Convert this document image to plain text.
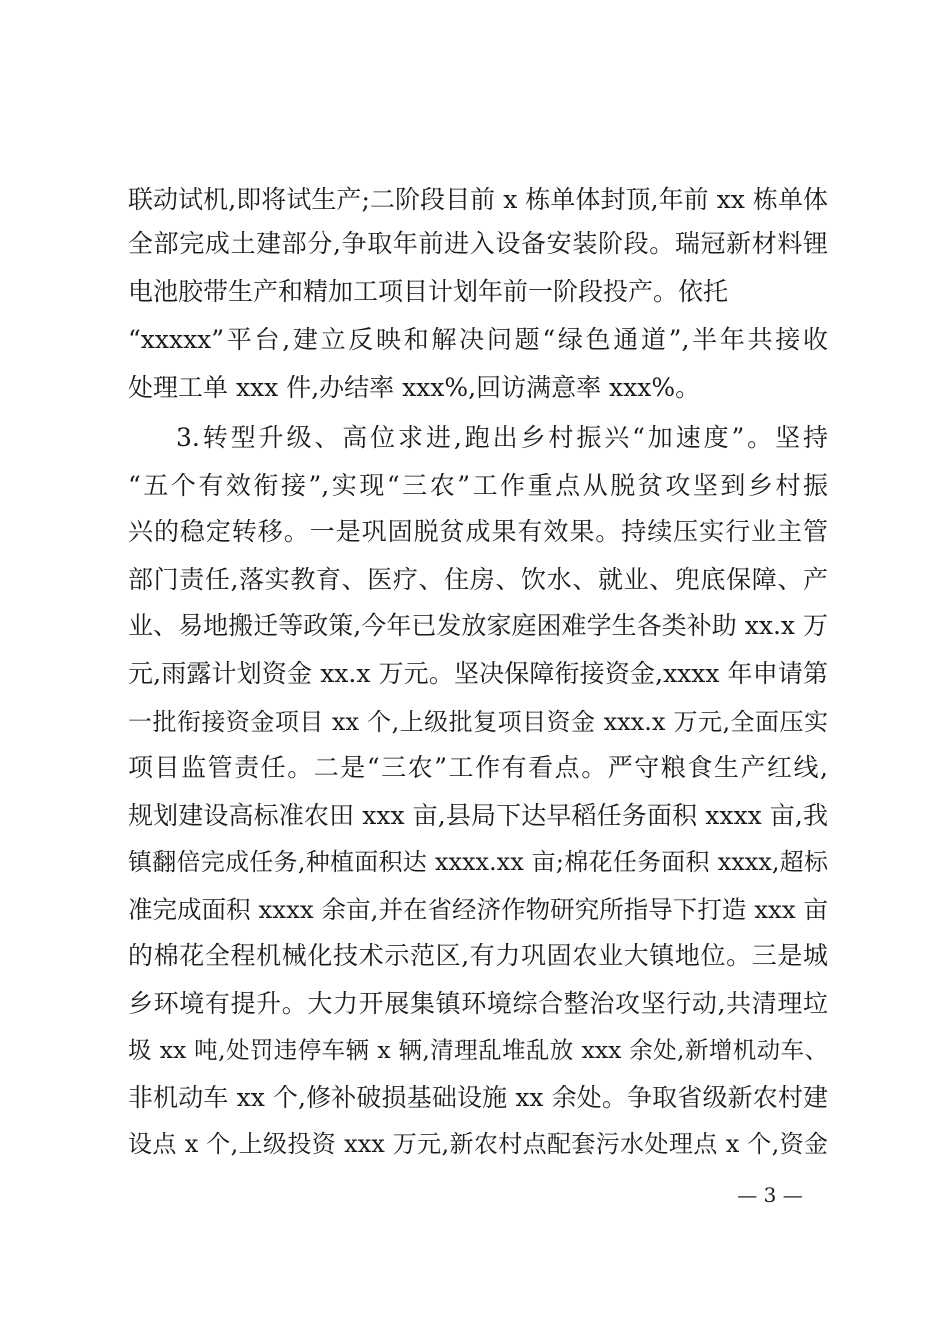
联动试机,即将试生产;二阶段目前 x 栋单体封顶,年前 xx 栋单体
全部完成土建部分,争取年前进入设备安装阶段。瑞冠新材料锂
电池胶带生产和精加工项目计划年前一阶段投产。依托
“xxxxx”平台,建立反映和解决问题“绿色通道”,半年共接收
处理工单 xxx 件,办结率 xxx%,回访满意率 xxx%。
3.转型升级、高位求进,跑出乡村振兴“加速度”。坚持
“五个有效衔接”,实现“三农”工作重点从脱贫攻坚到乡村振
兴的稳定转移。一是巩固脱贫成果有效果。持续压实行业主管
部门责任,落实教育、医疗、住房、饮水、就业、兜底保障、产
业、易地搬迁等政策,今年已发放家庭困难学生各类补助 xx.x 万
元,雨露计划资金 xx.x 万元。坚决保障衔接资金,xxxx 年申请第
一批衔接资金项目 xx 个,上级批复项目资金 xxx.x 万元,全面压实
项目监管责任。二是“三农”工作有看点。严守粮食生产红线,
规划建设高标准农田 xxx 亩,县局下达早稻任务面积 xxxx 亩,我
镇翻倍完成任务,种植面积达 xxxx.xx 亩;棉花任务面积 xxxx,超标
准完成面积 xxxx 余亩,并在省经济作物研究所指导下打造 xxx 亩
的棉花全程机械化技术示范区,有力巩固农业大镇地位。三是城
乡环境有提升。大力开展集镇环境综合整治攻坚行动,共清理垃
圾 xx 吨,处罚违停车辆 x 辆,清理乱堆乱放 xxx 余处,新增机动车、
非机动车 xx 个,修补破损基础设施 xx 余处。争取省级新农村建
设点 x 个,上级投资 xxx 万元,新农村点配套污水处理点 x 个,资金
— 3 —
